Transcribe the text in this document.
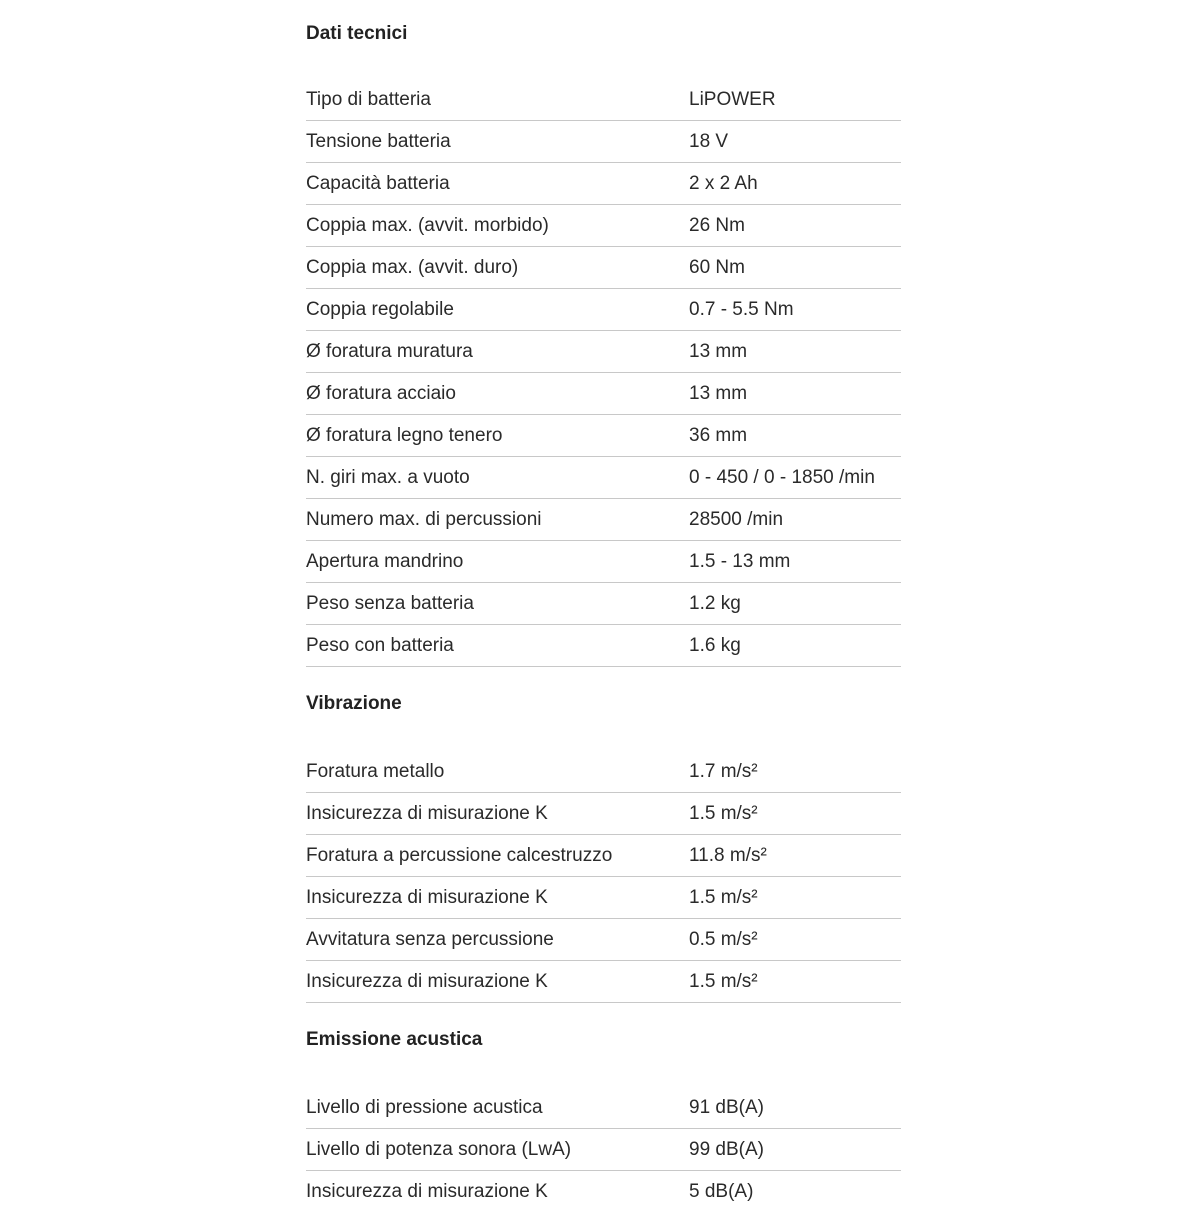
Dati tecnici
Tipo di batteria	LiPOWER
Tensione batteria	18 V
Capacità batteria	2 x 2 Ah
Coppia max. (avvit. morbido)	26 Nm
Coppia max. (avvit. duro)	60 Nm
Coppia regolabile	0.7 - 5.5 Nm
Ø foratura muratura	13 mm
Ø foratura acciaio	13 mm
Ø foratura legno tenero	36 mm
N. giri max. a vuoto	0 - 450 / 0 - 1850 /min
Numero max. di percussioni	28500 /min
Apertura mandrino	1.5 - 13 mm
Peso senza batteria	1.2 kg
Peso con batteria	1.6 kg
Vibrazione
Foratura metallo	1.7 m/s²
Insicurezza di misurazione K	1.5 m/s²
Foratura a percussione calcestruzzo	11.8 m/s²
Insicurezza di misurazione K	1.5 m/s²
Avvitatura senza percussione	0.5 m/s²
Insicurezza di misurazione K	1.5 m/s²
Emissione acustica
Livello di pressione acustica	91 dB(A)
Livello di potenza sonora (LwA)	99 dB(A)
Insicurezza di misurazione K	5 dB(A)
